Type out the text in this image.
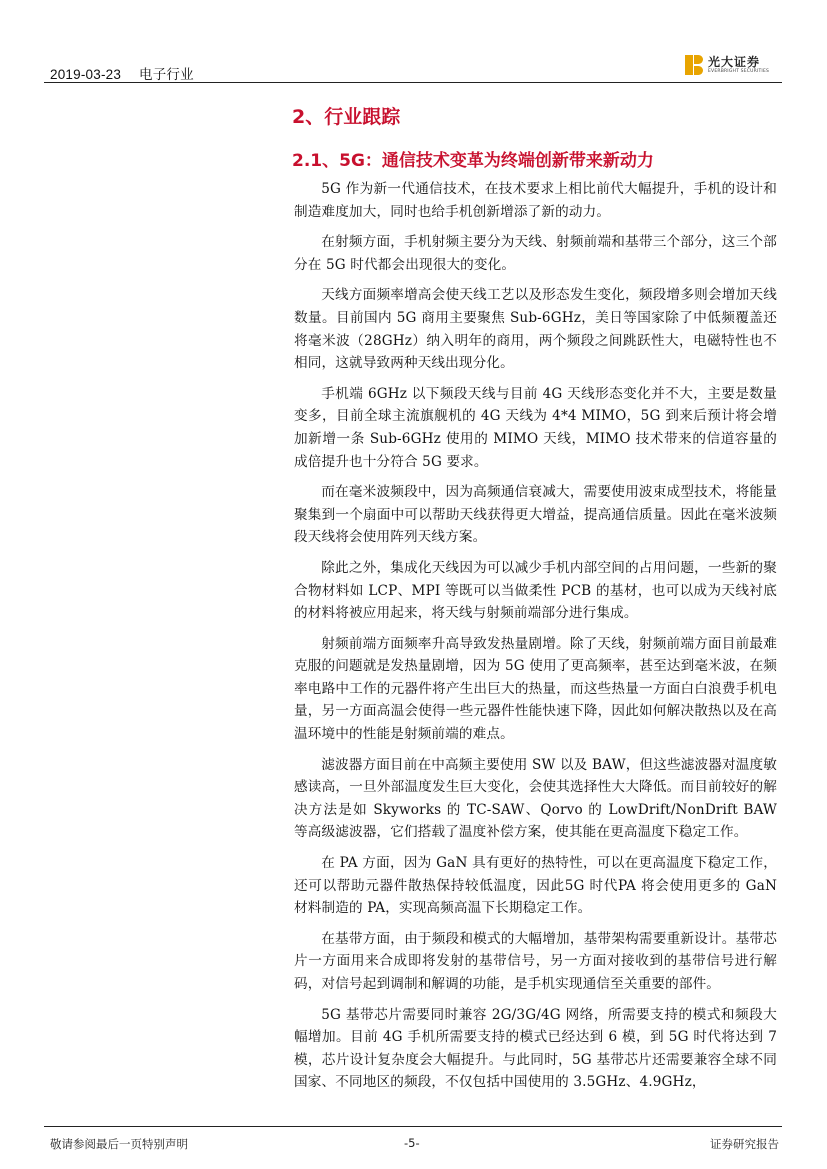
2019-03-23 电子行业
光大证券
EVERBRIGHT SECURITIES
2、行业跟踪
2.1、5G：通信技术变革为终端创新带来新动力

5G 作为新一代通信技术，在技术要求上相比前代大幅提升，手机的设计和制造难度加大，同时也给手机创新增添了新的动力。

在射频方面，手机射频主要分为天线、射频前端和基带三个部分，这三个部分在 5G 时代都会出现很大的变化。

天线方面频率增高会使天线工艺以及形态发生变化，频段增多则会增加天线数量。目前国内 5G 商用主要聚焦 Sub-6GHz，美日等国家除了中低频覆盖还将毫米波（28GHz）纳入明年的商用，两个频段之间跳跃性大，电磁特性也不相同，这就导致两种天线出现分化。

手机端 6GHz 以下频段天线与目前 4G 天线形态变化并不大，主要是数量变多，目前全球主流旗舰机的 4G 天线为 4*4 MIMO，5G 到来后预计将会增加新增一条 Sub-6GHz 使用的 MIMO 天线，MIMO 技术带来的信道容量的成倍提升也十分符合 5G 要求。

而在毫米波频段中，因为高频通信衰减大，需要使用波束成型技术，将能量聚集到一个扇面中可以帮助天线获得更大增益，提高通信质量。因此在毫米波频段天线将会使用阵列天线方案。

除此之外，集成化天线因为可以减少手机内部空间的占用问题，一些新的聚合物材料如 LCP、MPI 等既可以当做柔性 PCB 的基材，也可以成为天线衬底的材料将被应用起来，将天线与射频前端部分进行集成。

射频前端方面频率升高导致发热量剧增。除了天线，射频前端方面目前最难克服的问题就是发热量剧增，因为 5G 使用了更高频率，甚至达到毫米波，在频率电路中工作的元器件将产生出巨大的热量，而这些热量一方面白白浪费手机电量，另一方面高温会使得一些元器件性能快速下降，因此如何解决散热以及在高温环境中的性能是射频前端的难点。

滤波器方面目前在中高频主要使用 SW 以及 BAW，但这些滤波器对温度敏感读高，一旦外部温度发生巨大变化，会使其选择性大大降低。而目前较好的解决方法是如 Skyworks 的 TC-SAW、Qorvo 的 LowDrift/NonDrift BAW 等高级滤波器，它们搭载了温度补偿方案，使其能在更高温度下稳定工作。

在 PA 方面，因为 GaN 具有更好的热特性，可以在更高温度下稳定工作，还可以帮助元器件散热保持较低温度，因此5G 时代PA 将会使用更多的 GaN 材料制造的 PA，实现高频高温下长期稳定工作。

在基带方面，由于频段和模式的大幅增加，基带架构需要重新设计。基带芯片一方面用来合成即将发射的基带信号，另一方面对接收到的基带信号进行解码，对信号起到调制和解调的功能，是手机实现通信至关重要的部件。

5G 基带芯片需要同时兼容 2G/3G/4G 网络，所需要支持的模式和频段大幅增加。目前 4G 手机所需要支持的模式已经达到 6 模，到 5G 时代将达到 7 模，芯片设计复杂度会大幅提升。与此同时，5G 基带芯片还需要兼容全球不同国家、不同地区的频段，不仅包括中国使用的 3.5GHz、4.9GHz，

敬请参阅最后一页特别声明	-5-	证券研究报告
